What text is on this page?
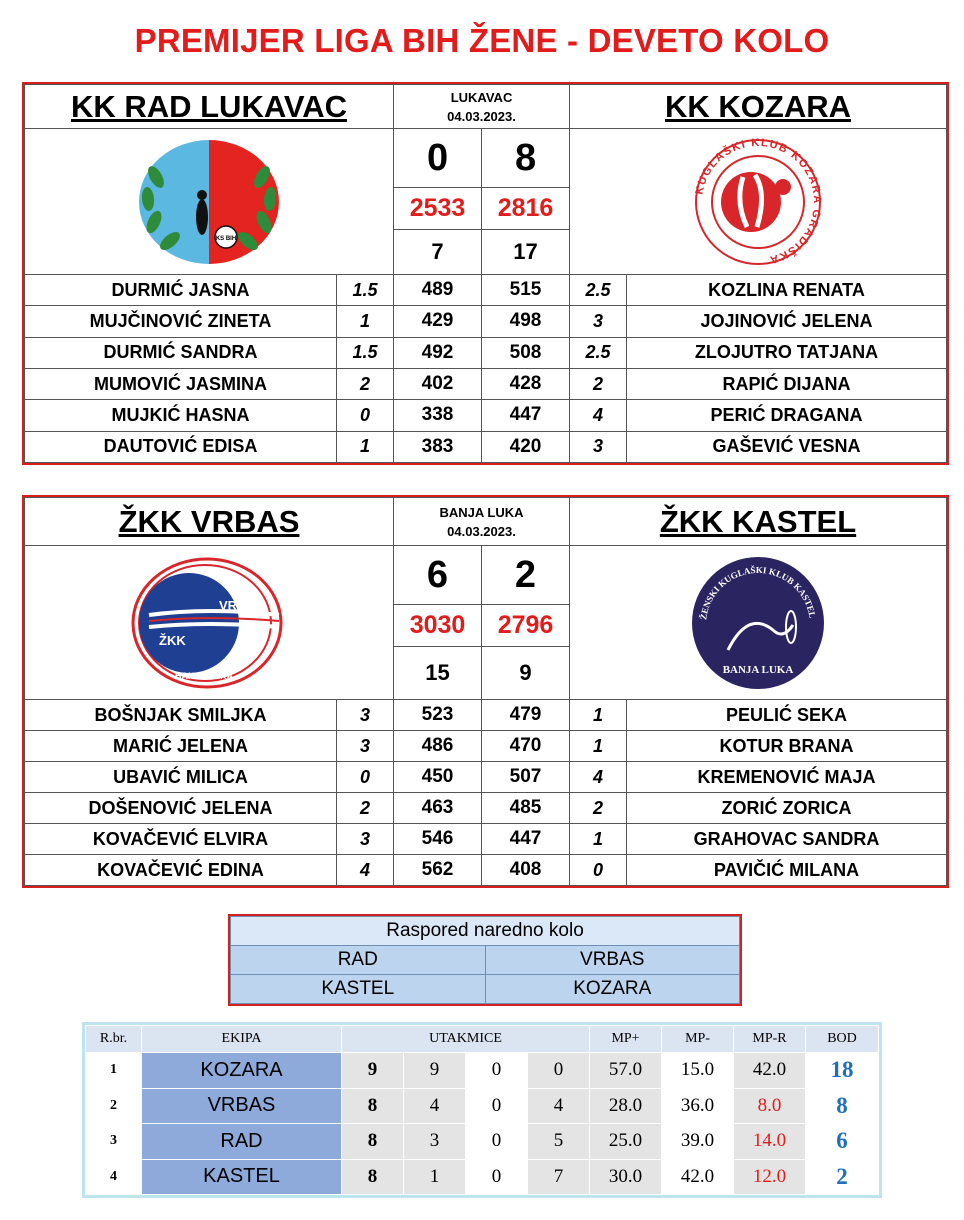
PREMIJER LIGA BIH ŽENE - DEVETO KOLO
KK RAD LUKAVAC		LUKAVAC
04.03.2023.		KK KOZARA	

KS BIH		0	8	KUGLAŠKI KLUB KOZARA GRADIŠKA	

		2533	2816		
		7	17		
DURMIĆ JASNA	1.5	489	515	2.5	KOZLINA RENATA
MUJČINOVIĆ ZINETA	1	429	498	3	JOJINOVIĆ JELENA
DURMIĆ SANDRA	1.5	492	508	2.5	ZLOJUTRO TATJANA
MUMOVIĆ JASMINA	2	402	428	2	RAPIĆ DIJANA
MUJKIĆ HASNA	0	338	447	4	PERIĆ DRAGANA
DAUTOVIĆ EDISA	1	383	420	3	GAŠEVIĆ VESNA
ŽKK VRBAS		BANJA LUKA
04.03.2023.		ŽKK KASTEL	

VRBAS
ŽKK
BANJA LUKA		6	2	ŽENSKI KUGLAŠKI KLUB KASTEL
BANJA LUKA	

		3030	2796		
		15	9		
BOŠNJAK SMILJKA	3	523	479	1	PEULIĆ SEKA
MARIĆ JELENA	3	486	470	1	KOTUR BRANA
UBAVIĆ MILICA	0	450	507	4	KREMENOVIĆ MAJA
DOŠENOVIĆ JELENA	2	463	485	2	ZORIĆ ZORICA
KOVAČEVIĆ ELVIRA	3	546	447	1	GRAHOVAC SANDRA
KOVAČEVIĆ EDINA	4	562	408	0	PAVIČIĆ MILANA
Raspored naredno kolo	
RAD	VRBAS
KASTEL	KOZARA
R.br.	EKIPA	UTAKMICE				MP+	MP-	MP-R	BOD
1	KOZARA	9	9	0	0	57.0	15.0	42.0	18
2	VRBAS	8	4	0	4	28.0	36.0	8.0	8
3	RAD	8	3	0	5	25.0	39.0	14.0	6
4	KASTEL	8	1	0	7	30.0	42.0	12.0	2
